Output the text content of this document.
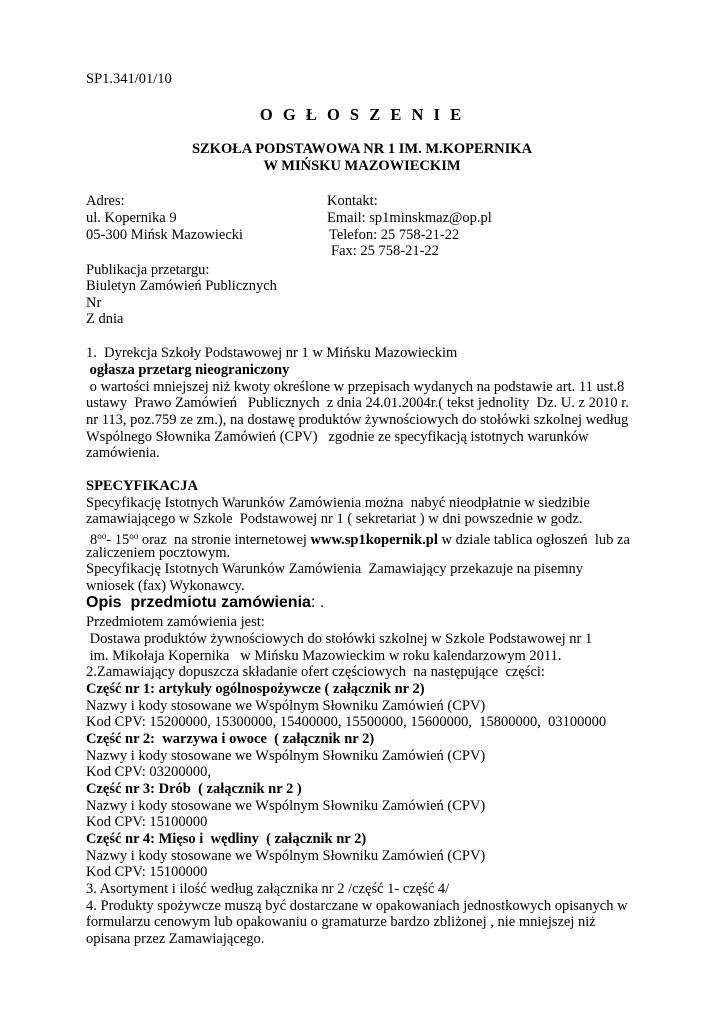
SP1.341/01/10
O G Ł O S Z E N I E
SZKOŁA PODSTAWOWA NR 1 IM. M.KOPERNIKA
W MIŃSKU MAZOWIECKIM
Adres:
ul. Kopernika 9
05-300 Mińsk Mazowiecki
Kontakt:
Email: sp1minskmaz@op.pl
Telefon: 25 758-21-22
Fax: 25 758-21-22
Publikacja przetargu:
Biuletyn Zamówień Publicznych
Nr
Z dnia
1.  Dyrekcja Szkoły Podstawowej nr 1 w Mińsku Mazowieckim
ogłasza przetarg nieograniczony
o wartości mniejszej niż kwoty określone w przepisach wydanych na podstawie art. 11 ust.8
ustawy  Prawo Zamówień   Publicznych  z dnia 24.01.2004r.( tekst jednolity  Dz. U. z 2010 r.
nr 113, poz.759 ze zm.), na dostawę produktów żywnościowych do stołówki szkolnej według
Wspólnego Słownika Zamówień (CPV)   zgodnie ze specyfikacją istotnych warunków
zamówienia.
SPECYFIKACJA
Specyfikację Istotnych Warunków Zamówienia można  nabyć nieodpłatnie w siedzibie
zamawiającego w Szkole  Podstawowej nr 1 ( sekretariat ) w dni powszednie w godz.
$8^{oo}-$ $15^{oo}$ oraz  na stronie internetowej www.sp1kopernik.pl w dziale tablica ogłoszeń  lub za
zaliczeniem pocztowym.
Specyfikację Istotnych Warunków Zamówienia  Zamawiający przekazuje na pisemny
wniosek (fax) Wykonawcy.
Opis  przedmiotu zamówienia: .
Przedmiotem zamówienia jest:
Dostawa produktów żywnościowych do stołówki szkolnej w Szkole Podstawowej nr 1
im. Mikołaja Kopernika   w Mińsku Mazowieckim w roku kalendarzowym 2011.
2.Zamawiający dopuszcza składanie ofert częściowych  na następujące  części:
Część nr 1: artykuły ogólnospożywcze ( załącznik nr 2)
Nazwy i kody stosowane we Wspólnym Słowniku Zamówień (CPV)
Kod CPV: 15200000, 15300000, 15400000, 15500000, 15600000,  15800000,  03100000
Część nr 2:  warzywa i owoce  ( załącznik nr 2)
Nazwy i kody stosowane we Wspólnym Słowniku Zamówień (CPV)
Kod CPV: 03200000,
Część nr 3: Drób  ( załącznik nr 2 )
Nazwy i kody stosowane we Wspólnym Słowniku Zamówień (CPV)
Kod CPV: 15100000
Część nr 4: Mięso i  wędliny  ( załącznik nr 2)
Nazwy i kody stosowane we Wspólnym Słowniku Zamówień (CPV)
Kod CPV: 15100000
3. Asortyment i ilość według załącznika nr 2 /część 1- część 4/
4. Produkty spożywcze muszą być dostarczane w opakowaniach jednostkowych opisanych w
formularzu cenowym lub opakowaniu o gramaturze bardzo zbliżonej , nie mniejszej niż
opisana przez Zamawiającego.
